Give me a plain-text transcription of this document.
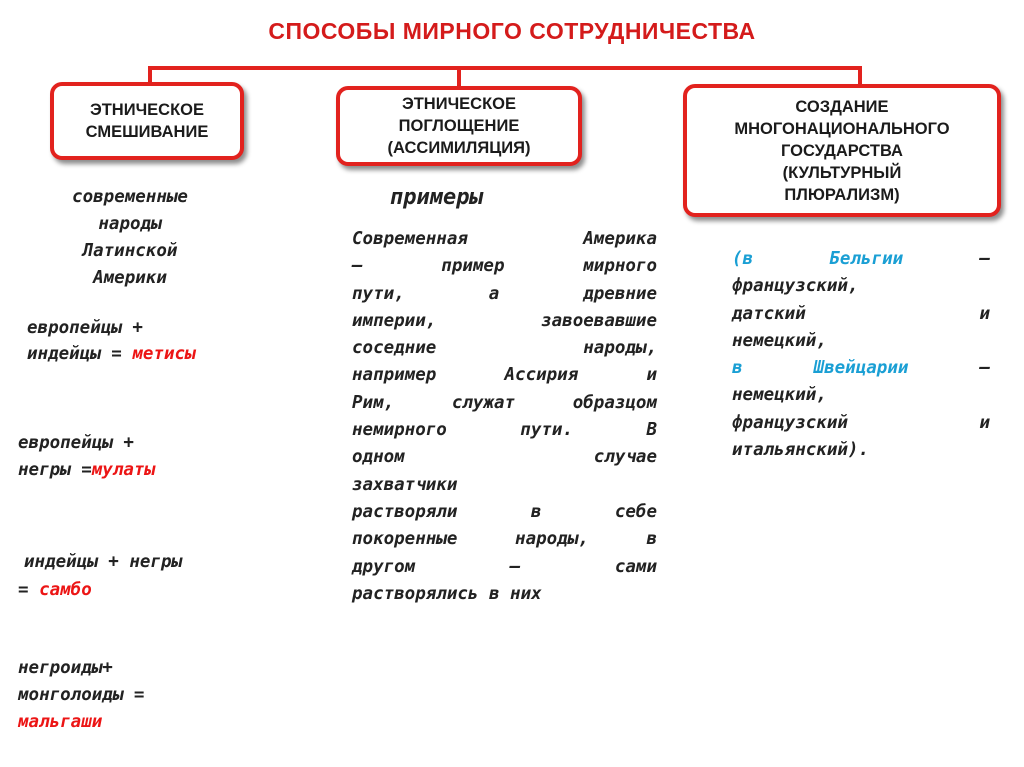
СПОСОБЫ МИРНОГО СОТРУДНИЧЕСТВА
ЭТНИЧЕСКОЕ
СМЕШИВАНИЕ
ЭТНИЧЕСКОЕ
ПОГЛОЩЕНИЕ
(АССИМИЛЯЦИЯ)
СОЗДАНИЕ
МНОГОНАЦИОНАЛЬНОГО
ГОСУДАРСТВА
(КУЛЬТУРНЫЙ
ПЛЮРАЛИЗМ)
современные
народы
Латинской
Америки
европейцы +
индейцы = метисы
европейцы +
негры =мулаты
индейцы + негры
= самбо
негроиды+
монголоиды =
мальгаши
примеры
Современная Америка
— пример мирного
пути, а древние
империи, завоевавшие
соседние народы,
например Ассирия и
Рим, служат образцом
немирного пути. В
одном случае
захватчики
растворяли в себе
покоренные народы, в
другом — сами
растворялись в них
(в Бельгии	–
французский,
датский и
немецкий,
в Швейцарии	–
немецкий,
французский и
итальянский).
